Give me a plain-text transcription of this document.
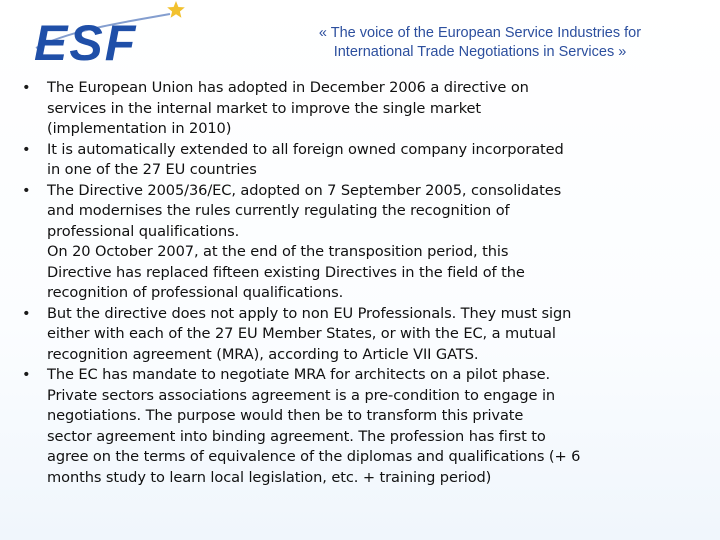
ESF	« The voice of the European Service Industries for
International Trade Negotiations in Services »
•	The European Union has adopted in December 2006 a directive on
services in the internal market to improve the single market
(implementation in 2010)
•	It is automatically extended to all foreign owned company incorporated
in one of the 27 EU countries
•	The Directive 2005/36/EC, adopted on 7 September 2005, consolidates
and modernises the rules currently regulating the recognition of
professional qualifications.
On 20 October 2007, at the end of the transposition period, this
Directive has replaced fifteen existing Directives in the field of the
recognition of professional qualifications.
•	But the directive does not apply to non EU Professionals. They must sign
either with each of the 27 EU Member States, or with the EC, a mutual
recognition agreement (MRA), according to Article VII GATS.
•	The EC has mandate to negotiate MRA for architects on a pilot phase.
Private sectors associations agreement is a pre-condition to engage in
negotiations. The purpose would then be to transform this private
sector agreement into binding agreement. The profession has first to
agree on the terms of equivalence of the diplomas and qualifications (+ 6
months study to learn local legislation, etc. + training period)
